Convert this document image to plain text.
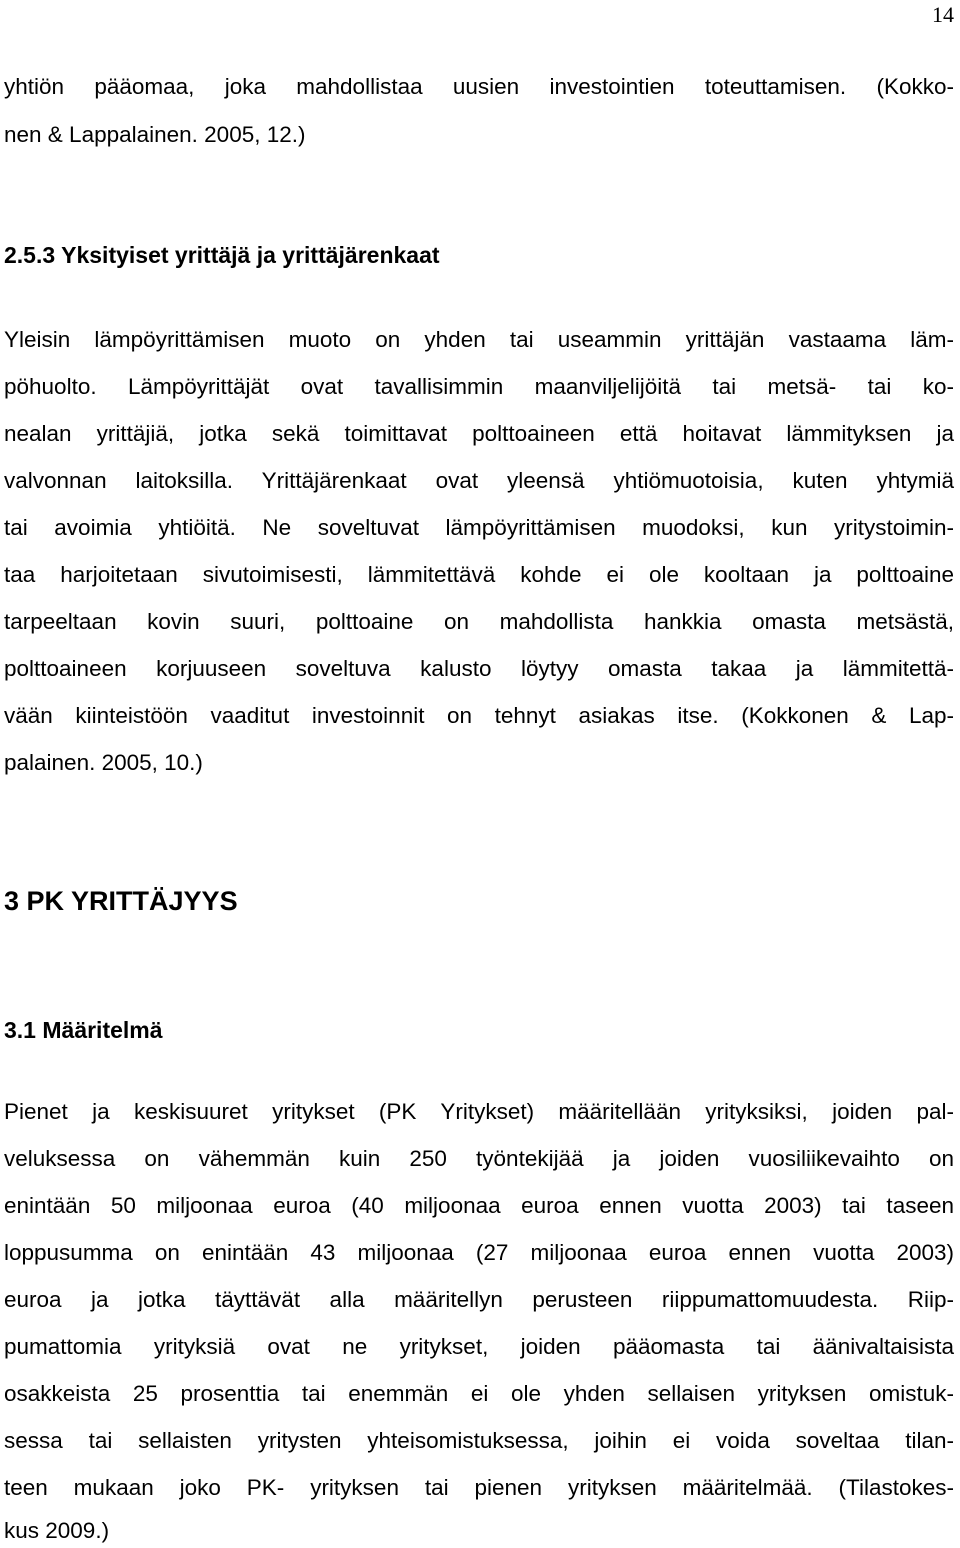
14
yhtiön pääomaa, joka mahdollistaa uusien investointien toteuttamisen. (Kokko-
nen & Lappalainen. 2005, 12.)
2.5.3 Yksityiset yrittäjä ja yrittäjärenkaat
Yleisin lämpöyrittämisen muoto on yhden tai useammin yrittäjän vastaama läm-
pöhuolto. Lämpöyrittäjät ovat tavallisimmin maanviljelijöitä tai metsä- tai ko-
nealan yrittäjiä, jotka sekä toimittavat polttoaineen että hoitavat lämmityksen ja
valvonnan laitoksilla. Yrittäjärenkaat ovat yleensä yhtiömuotoisia, kuten yhtymiä
tai avoimia yhtiöitä. Ne soveltuvat lämpöyrittämisen muodoksi, kun yritystoimin-
taa harjoitetaan sivutoimisesti, lämmitettävä kohde ei ole kooltaan ja polttoaine
tarpeeltaan kovin suuri, polttoaine on mahdollista hankkia omasta metsästä,
polttoaineen korjuuseen soveltuva kalusto löytyy omasta takaa ja lämmitettä-
vään kiinteistöön vaaditut investoinnit on tehnyt asiakas itse. (Kokkonen & Lap-
palainen. 2005, 10.)
3 PK YRITTÄJYYS
3.1 Määritelmä
Pienet ja keskisuuret yritykset (PK Yritykset) määritellään yrityksiksi, joiden pal-
veluksessa on vähemmän kuin 250 työntekijää ja joiden vuosiliikevaihto on
enintään 50 miljoonaa euroa (40 miljoonaa euroa ennen vuotta 2003) tai taseen
loppusumma on enintään 43 miljoonaa (27 miljoonaa euroa ennen vuotta 2003)
euroa ja jotka täyttävät alla määritellyn perusteen riippumattomuudesta. Riip-
pumattomia yrityksiä ovat ne yritykset, joiden pääomasta tai äänivaltaisista
osakkeista 25 prosenttia tai enemmän ei ole yhden sellaisen yrityksen omistuk-
sessa tai sellaisten yritysten yhteisomistuksessa, joihin ei voida soveltaa tilan-
teen mukaan joko PK- yrityksen tai pienen yrityksen määritelmää. (Tilastokes-
kus 2009.)
